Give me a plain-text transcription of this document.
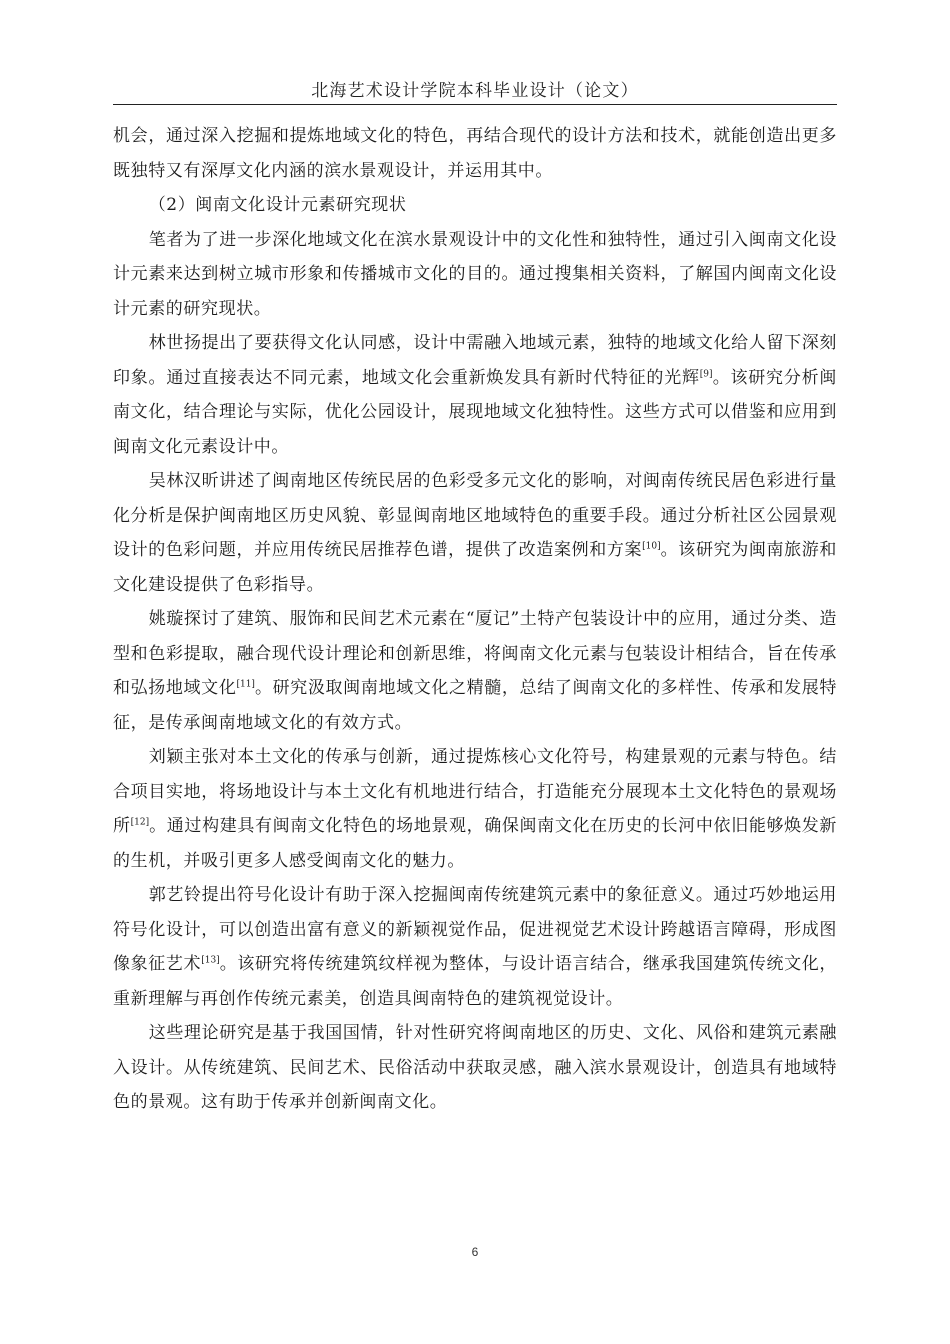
北海艺术设计学院本科毕业设计（论文）

机会，通过深入挖掘和提炼地域文化的特色，再结合现代的设计方法和技术，就能创造出更多既独特又有深厚文化内涵的滨水景观设计，并运用其中。

（2）闽南文化设计元素研究现状

笔者为了进一步深化地域文化在滨水景观设计中的文化性和独特性，通过引入闽南文化设计元素来达到树立城市形象和传播城市文化的目的。通过搜集相关资料，了解国内闽南文化设计元素的研究现状。

林世扬提出了要获得文化认同感，设计中需融入地域元素，独特的地域文化给人留下深刻印象。通过直接表达不同元素，地域文化会重新焕发具有新时代特征的光辉[9]。该研究分析闽南文化，结合理论与实际，优化公园设计，展现地域文化独特性。这些方式可以借鉴和应用到闽南文化元素设计中。

吴林汉昕讲述了闽南地区传统民居的色彩受多元文化的影响，对闽南传统民居色彩进行量化分析是保护闽南地区历史风貌、彰显闽南地区地域特色的重要手段。通过分析社区公园景观设计的色彩问题，并应用传统民居推荐色谱，提供了改造案例和方案[10]。该研究为闽南旅游和文化建设提供了色彩指导。

姚璇探讨了建筑、服饰和民间艺术元素在“厦记”土特产包装设计中的应用，通过分类、造型和色彩提取，融合现代设计理论和创新思维，将闽南文化元素与包装设计相结合，旨在传承和弘扬地域文化[11]。研究汲取闽南地域文化之精髓，总结了闽南文化的多样性、传承和发展特征，是传承闽南地域文化的有效方式。

刘颖主张对本土文化的传承与创新，通过提炼核心文化符号，构建景观的元素与特色。结合项目实地，将场地设计与本土文化有机地进行结合，打造能充分展现本土文化特色的景观场所[12]。通过构建具有闽南文化特色的场地景观，确保闽南文化在历史的长河中依旧能够焕发新的生机，并吸引更多人感受闽南文化的魅力。

郭艺铃提出符号化设计有助于深入挖掘闽南传统建筑元素中的象征意义。通过巧妙地运用符号化设计，可以创造出富有意义的新颖视觉作品，促进视觉艺术设计跨越语言障碍，形成图像象征艺术[13]。该研究将传统建筑纹样视为整体，与设计语言结合，继承我国建筑传统文化，重新理解与再创作传统元素美，创造具闽南特色的建筑视觉设计。

这些理论研究是基于我国国情，针对性研究将闽南地区的历史、文化、风俗和建筑元素融入设计。从传统建筑、民间艺术、民俗活动中获取灵感，融入滨水景观设计，创造具有地域特色的景观。这有助于传承并创新闽南文化。

6
